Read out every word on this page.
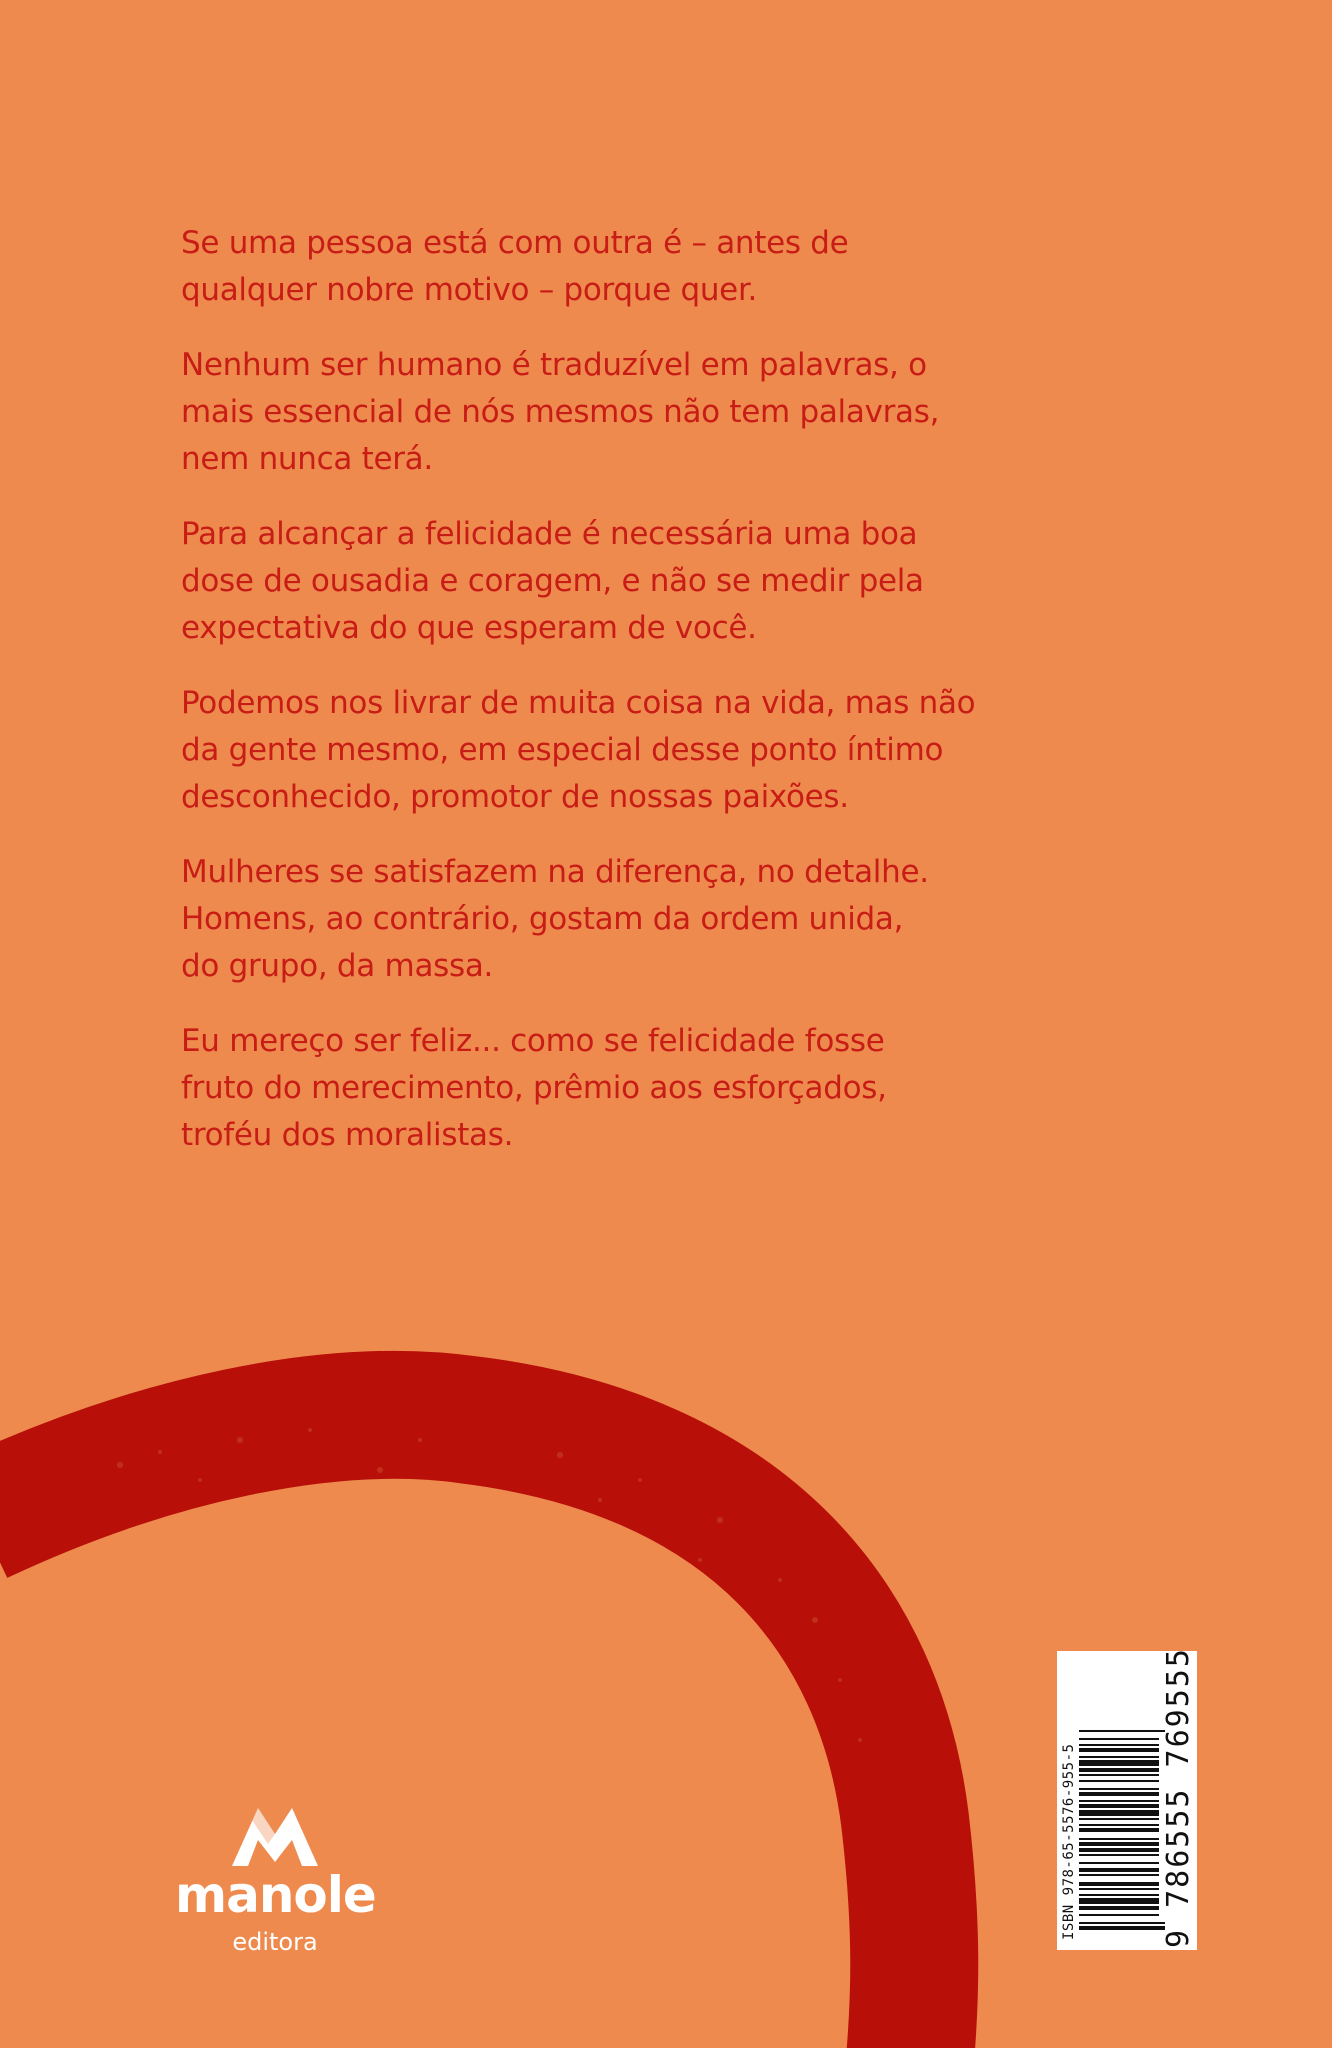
Se uma pessoa está com outra é – antes de
qualquer nobre motivo – porque quer.

Nenhum ser humano é traduzível em palavras, o
mais essencial de nós mesmos não tem palavras,
nem nunca terá.

Para alcançar a felicidade é necessária uma boa
dose de ousadia e coragem, e não se medir pela
expectativa do que esperam de você.

Podemos nos livrar de muita coisa na vida, mas não
da gente mesmo, em especial desse ponto íntimo
desconhecido, promotor de nossas paixões.

Mulheres se satisfazem na diferença, no detalhe.
Homens, ao contrário, gostam da ordem unida,
do grupo, da massa.

Eu mereço ser feliz... como se felicidade fosse
fruto do merecimento, prêmio aos esforçados,
troféu dos moralistas.

manole
editora
ISBN 978-65-5576-955-5	9 786555 769555
